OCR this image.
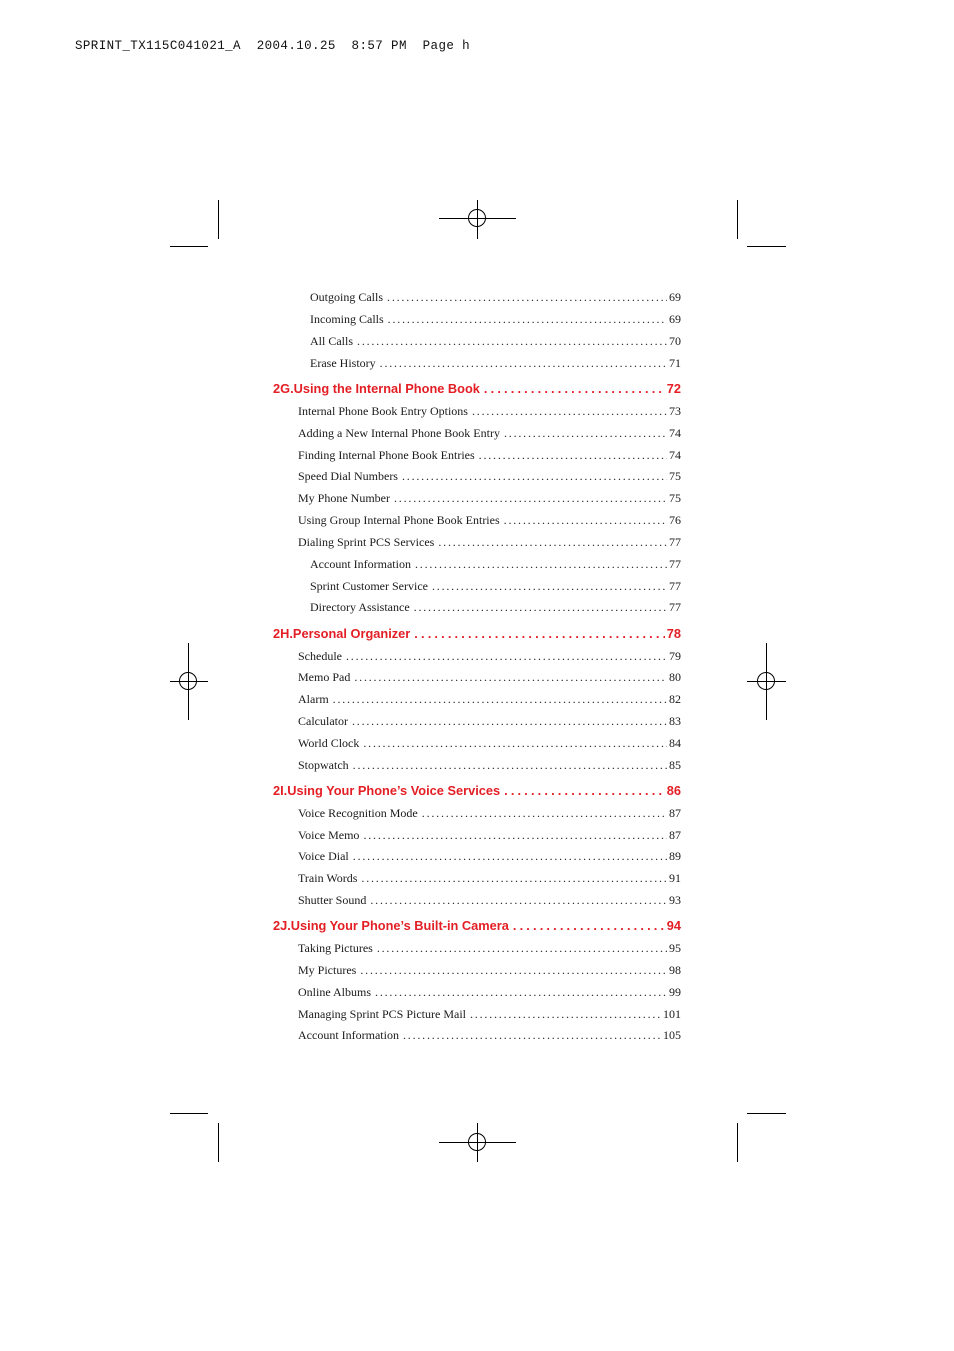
SPRINT_TX115C041021_A  2004.10.25  8:57 PM  Page h
Outgoing Calls . . .	69
Incoming Calls . . .	69
All Calls . . .	70
Erase History . . .	71
2G. Using the Internal Phone Book . . .	72
Internal Phone Book Entry Options . . .	73
Adding a New Internal Phone Book Entry . . .	74
Finding Internal Phone Book Entries . . .	74
Speed Dial Numbers . . .	75
My Phone Number . . .	75
Using Group Internal Phone Book Entries . . .	76
Dialing Sprint PCS Services . . .	77
Account Information . . .	77
Sprint Customer Service . . .	77
Directory Assistance . . .	77
2H. Personal Organizer . . .	78
Schedule . . .	79
Memo Pad . . .	80
Alarm . . .	82
Calculator . . .	83
World Clock . . .	84
Stopwatch . . .	85
2I. Using Your Phone’s Voice Services . . .	86
Voice Recognition Mode . . .	87
Voice Memo . . .	87
Voice Dial . . .	89
Train Words . . .	91
Shutter Sound . . .	93
2J. Using Your Phone’s Built-in Camera . . .	94
Taking Pictures . . .	95
My Pictures . . .	98
Online Albums . . .	99
Managing Sprint PCS Picture Mail . . .	101
Account Information . . .	105
